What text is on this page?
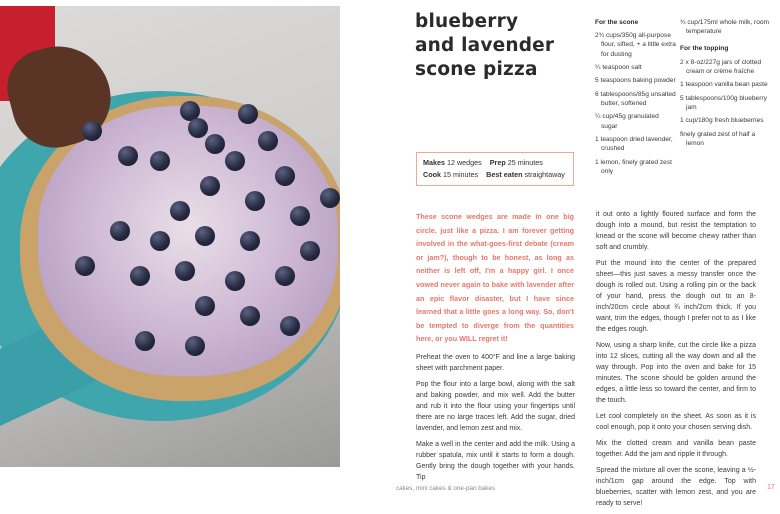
blueberry
and lavender
scone pizza
Makes 12 wedges Prep 25 minutes
Cook 15 minutes Best eaten straightaway
For the scone
2¾ cups/350g all-purpose flour, sifted, + a little extra for dusting
¼ teaspoon salt
5 teaspoons baking powder
6 tablespoons/85g unsalted butter, softened
¼ cup/45g granulated sugar
1 teaspoon dried lavender, crushed
1 lemon, finely grated zest only
¾ cup/175ml whole milk, room temperature
For the topping
2 x 8-oz/227g jars of clotted cream or crème fraîche
1 teaspoon vanilla bean paste
5 tablespoons/100g blueberry jam
1 cup/180g fresh blueberries
finely grated zest of half a lemon
These scone wedges are made in one big circle, just like a pizza. I am forever getting involved in the what-goes-first debate (cream or jam?), though to be honest, as long as neither is left off, I'm a happy girl. I once vowed never again to bake with lavender after an epic flavor disaster, but I have since learned that a little goes a long way. So, don't be tempted to diverge from the quantities here, or you WILL regret it!

Preheat the oven to 400°F and line a large baking sheet with parchment paper.

Pop the flour into a large bowl, along with the salt and baking powder, and mix well. Add the butter and rub it into the flour using your fingertips until there are no large traces left. Add the sugar, dried lavender, and lemon zest and mix.

Make a well in the center and add the milk. Using a rubber spatula, mix until it starts to form a dough. Gently bring the dough together with your hands. Tip

it out onto a lightly floured surface and form the dough into a mound, but resist the temptation to knead or the scone will become chewy rather than soft and crumbly.

Put the mound into the center of the prepared sheet—this just saves a messy transfer once the dough is rolled out. Using a rolling pin or the back of your hand, press the dough out to an 8-inch/20cm circle about ¾ inch/2cm thick. If you want, trim the edges, though I prefer not to as I like the edges rough.

Now, using a sharp knife, cut the circle like a pizza into 12 slices, cutting all the way down and all the way through. Pop into the oven and bake for 15 minutes. The scone should be golden around the edges, a little less so toward the center, and firm to the touch.

Let cool completely on the sheet. As soon as it is cool enough, pop it onto your chosen serving dish.

Mix the clotted cream and vanilla bean paste together. Add the jam and ripple it through.

Spread the mixture all over the scone, leaving a ½-inch/1cm gap around the edge. Top with blueberries, scatter with lemon zest, and you are ready to serve!

cakes, mini cakes & one-pan bakes	17
